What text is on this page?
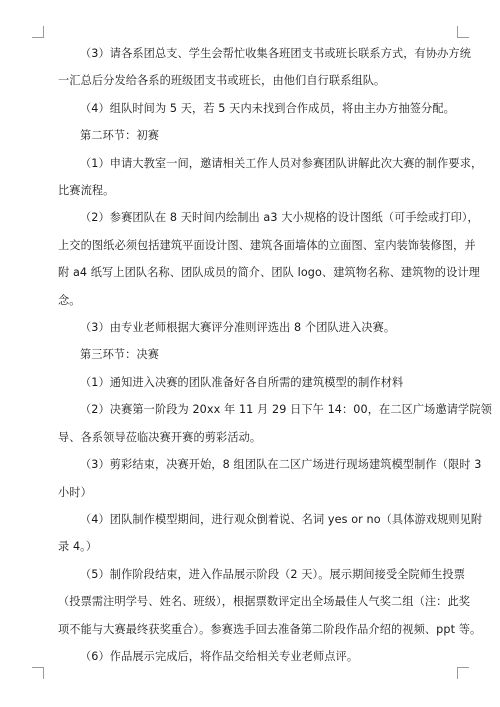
（3）请各系团总支、学生会帮忙收集各班团支书或班长联系方式，有协办方统
一汇总后分发给各系的班级团支书或班长，由他们自行联系组队。
（4）组队时间为 5 天，若 5 天内未找到合作成员，将由主办方抽签分配。
第二环节：初赛
（1）申请大教室一间，邀请相关工作人员对参赛团队讲解此次大赛的制作要求，
比赛流程。
（2）参赛团队在 8 天时间内绘制出 a3 大小规格的设计图纸（可手绘或打印），
上交的图纸必须包括建筑平面设计图、建筑各面墙体的立面图、室内装饰装修图，并
附 a4 纸写上团队名称、团队成员的简介、团队 logo、建筑物名称、建筑物的设计理
念。
（3）由专业老师根据大赛评分准则评选出 8 个团队进入决赛。
第三环节：决赛
（1）通知进入决赛的团队准备好各自所需的建筑模型的制作材料
（2）决赛第一阶段为 20xx 年 11 月 29 日下午 14：00，在二区广场邀请学院领
导、各系领导莅临决赛开赛的剪彩活动。
（3）剪彩结束，决赛开始，8 组团队在二区广场进行现场建筑模型制作（限时 3
小时）
（4）团队制作模型期间，进行观众倒着说、名词 yes or no（具体游戏规则见附
录 4。）
（5）制作阶段结束，进入作品展示阶段（2 天）。展示期间接受全院师生投票
（投票需注明学号、姓名、班级），根据票数评定出全场最佳人气奖二组（注：此奖
项不能与大赛最终获奖重合）。参赛选手回去准备第二阶段作品介绍的视频、ppt 等。
（6）作品展示完成后，将作品交给相关专业老师点评。
